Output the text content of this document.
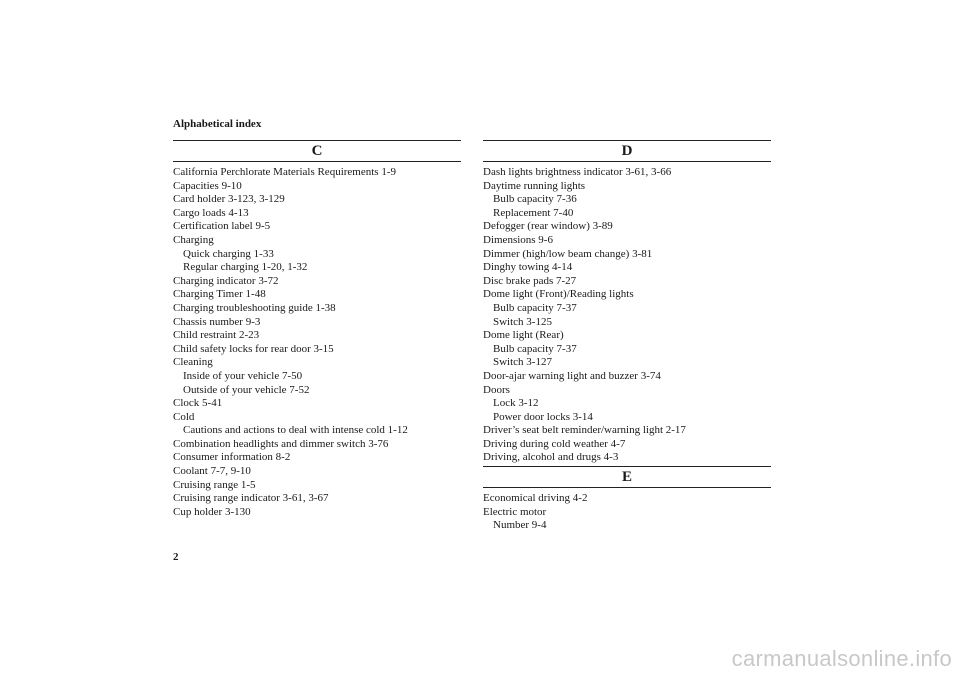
Alphabetical index
C
California Perchlorate Materials Requirements 1-9
Capacities 9-10
Card holder 3-123, 3-129
Cargo loads 4-13
Certification label 9-5
Charging
Quick charging 1-33
Regular charging 1-20, 1-32
Charging indicator 3-72
Charging Timer 1-48
Charging troubleshooting guide 1-38
Chassis number 9-3
Child restraint 2-23
Child safety locks for rear door 3-15
Cleaning
Inside of your vehicle 7-50
Outside of your vehicle 7-52
Clock 5-41
Cold
Cautions and actions to deal with intense cold 1-12
Combination headlights and dimmer switch 3-76
Consumer information 8-2
Coolant 7-7, 9-10
Cruising range 1-5
Cruising range indicator 3-61, 3-67
Cup holder 3-130
D
Dash lights brightness indicator 3-61, 3-66
Daytime running lights
Bulb capacity 7-36
Replacement 7-40
Defogger (rear window) 3-89
Dimensions 9-6
Dimmer (high/low beam change) 3-81
Dinghy towing 4-14
Disc brake pads 7-27
Dome light (Front)/Reading lights
Bulb capacity 7-37
Switch 3-125
Dome light (Rear)
Bulb capacity 7-37
Switch 3-127
Door-ajar warning light and buzzer 3-74
Doors
Lock 3-12
Power door locks 3-14
Driver’s seat belt reminder/warning light 2-17
Driving during cold weather 4-7
Driving, alcohol and drugs 4-3
E
Economical driving 4-2
Electric motor
Number 9-4
2
carmanualsonline.info
